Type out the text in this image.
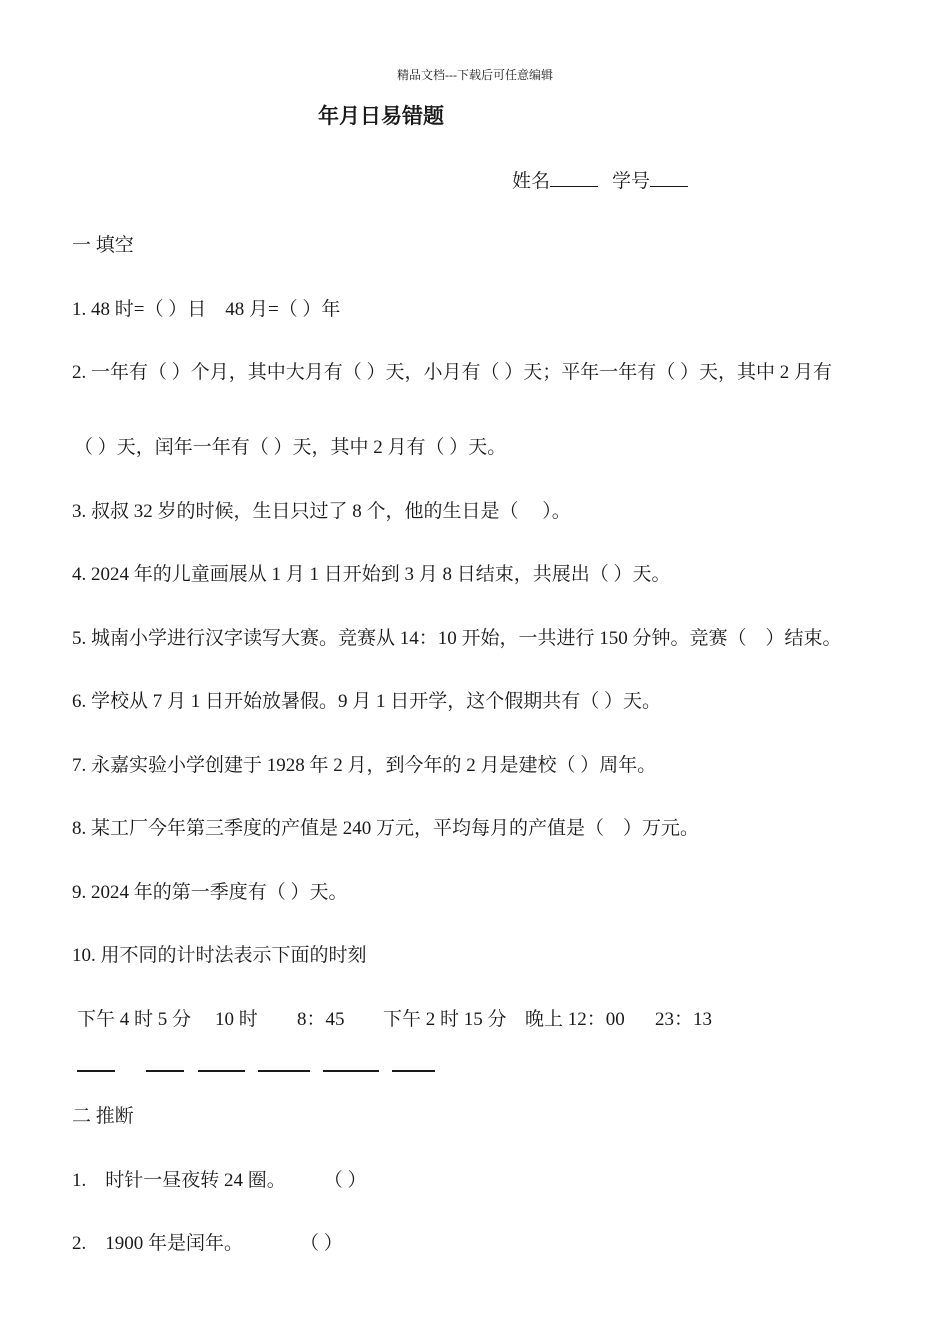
精品文档---下载后可任意编辑
年月日易错题
姓名	学号
一 填空
1. 48 时=（ ）日　48 月=（ ）年
2. 一年有（ ）个月，其中大月有（ ）天，小月有（ ）天；平年一年有（ ）天，其中 2 月有
（ ）天，闰年一年有（ ）天，其中 2 月有（ ）天。
3. 叔叔 32 岁的时候，生日只过了 8 个，他的生日是（　 ）。
4. 2024 年的儿童画展从 1 月 1 日开始到 3 月 8 日结束，共展出（ ）天。
5. 城南小学进行汉字读写大赛。竞赛从 14：10 开始，一共进行 150 分钟。竞赛（　）结束。
6. 学校从 7 月 1 日开始放暑假。9 月 1 日开学，这个假期共有（ ）天。
7. 永嘉实验小学创建于 1928 年 2 月，到今年的 2 月是建校（ ）周年。
8. 某工厂今年第三季度的产值是 240 万元，平均每月的产值是（　）万元。
9. 2024 年的第一季度有（ ）天。
10. 用不同的计时法表示下面的时刻
下午 4 时 5 分 10 时 8：45 下午 2 时 15 分 晚上 12：00 23：13
二 推断
1.　时针一昼夜转 24 圈。　　　（ ）
2.　1900 年是闰年。　　　　（ ）
